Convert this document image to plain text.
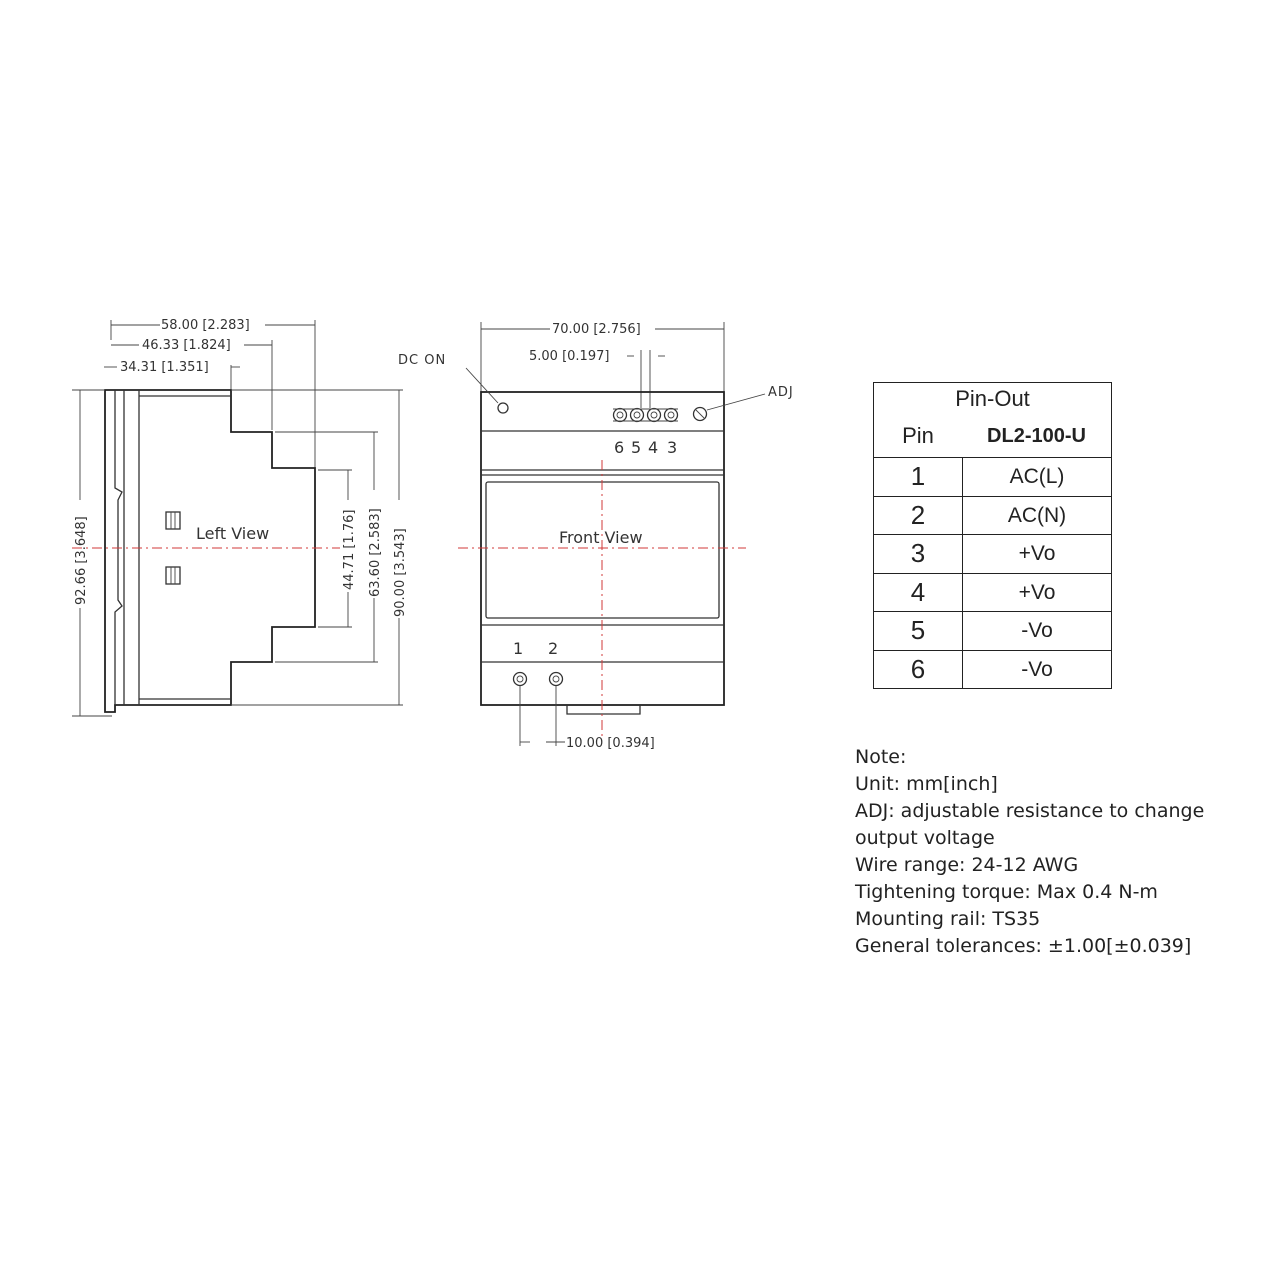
58.00 [2.283]
46.33 [1.824]
34.31 [1.351]
Left View
92.66 [3.648]	44.71 [1.76] 63.60 [2.583] 90.00 [3.543]
70.00 [2.756]
5.00 [0.197]
DC ON
6 5 4 3
ADJ
Front View
1 2
10.00 [0.394]
Pin-Out
Pin	DL2-100-U
1	AC(L)
2	AC(N)
3	+Vo
4	+Vo
5	-Vo
6	-Vo
Note:
Unit: mm[inch]
ADJ: adjustable resistance to change
output voltage
Wire range: 24-12 AWG
Tightening torque: Max 0.4 N-m
Mounting rail: TS35
General tolerances: ±1.00[±0.039]
